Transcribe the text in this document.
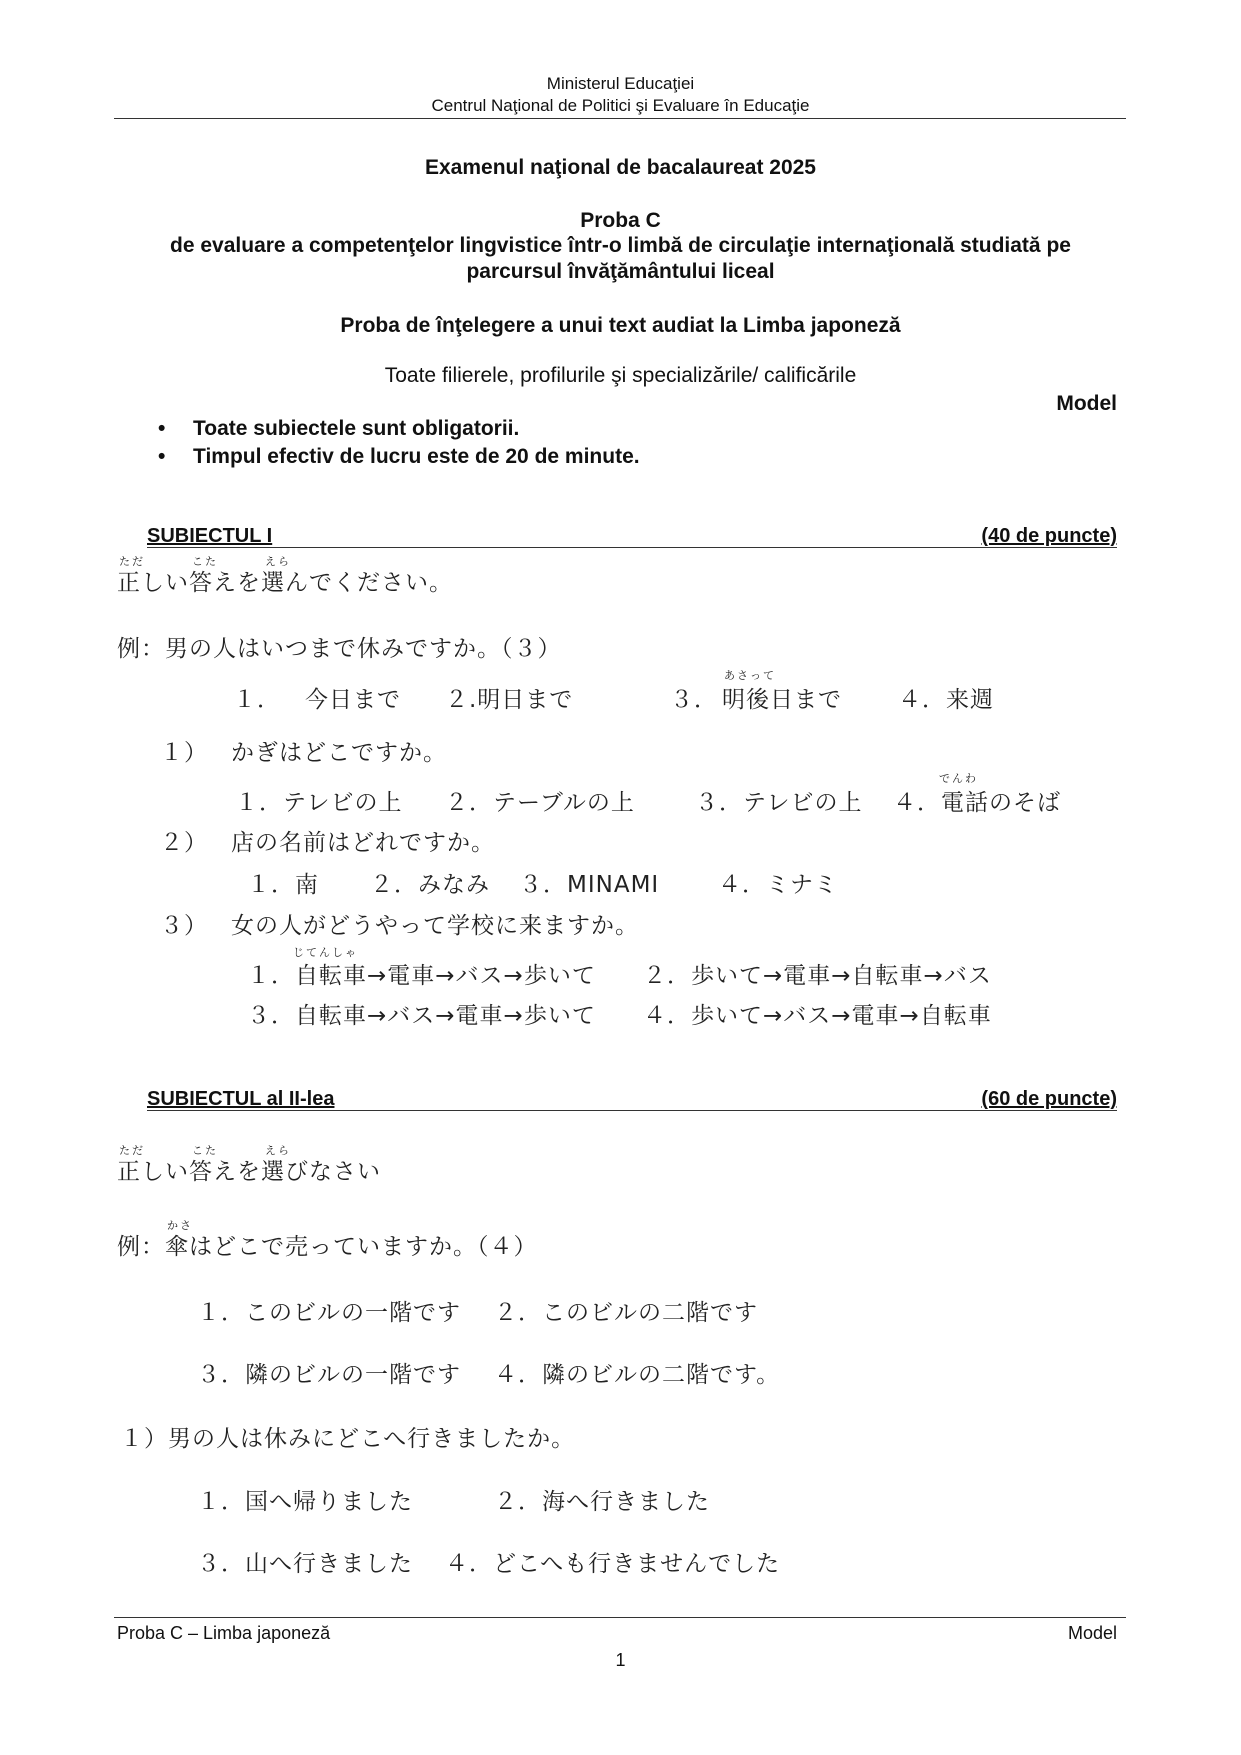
Ministerul Educaţiei
Centrul Naţional de Politici şi Evaluare în Educaţie
Examenul naţional de bacalaureat 2025
Proba C
de evaluare a competenţelor lingvistice într-o limbă de circulaţie internaţională studiată pe
parcursul învăţământului liceal
Proba de înţelegere a unui text audiat la Limba japoneză
Toate filierele, profilurile şi specializările/ calificările
Model
• Toate subiectele sunt obligatorii.
• Timpul efectiv de lucru este de 20 de minute.
SUBIECTUL I	(40 de puncte)
ただ	こた	えら
正しい答えを選んでください。
例：男の人はいつまで休みですか。（３）
あさって
１． 今日まで ２.明日まで	３． 明後日まで ４．来週
１） かぎはどこですか。
でんわ
１．テレビの上 ２．テーブルの上	３．テレビの上 ４．電話のそば
２） 店の名前はどれですか。
１．南 ２．みなみ ３．MINAMI	４．ミナミ
３） 女の人がどうやって学校に来ますか。
じてんしゃ
１．自転車→電車→バス→歩いて ２．歩いて→電車→自転車→バス
３．自転車→バス→電車→歩いて ４．歩いて→バス→電車→自転車
SUBIECTUL al II-lea	(60 de puncte)
ただ	こた	えら
正しい答えを選びなさい
かさ
例：傘はどこで売っていますか。（４）
１．このビルの一階です ２．このビルの二階です
３．隣のビルの一階です ４．隣のビルの二階です。
１）男の人は休みにどこへ行きましたか。
１．国へ帰りました	２．海へ行きました
３．山へ行きました ４．どこへも行きませんでした
Proba C – Limba japoneză	Model
1
